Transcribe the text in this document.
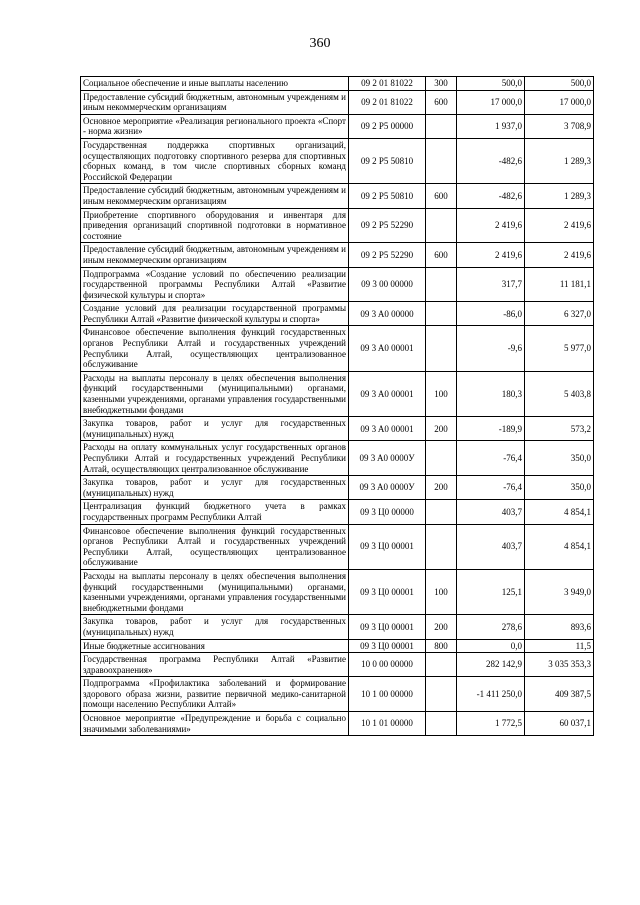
360
Социальное обеспечение и иные выплаты населению	09 2 01 81022	300	500,0	500,0
Предоставление субсидий бюджетным, автономным учреждениям и иным некоммерческим организациям	09 2 01 81022	600	17 000,0	17 000,0
Основное мероприятие «Реализация регионального проекта «Спорт - норма жизни»	09 2 P5 00000		1 937,0	3 708,9
Государственная поддержка спортивных организаций, осуществляющих подготовку спортивного резерва для спортивных сборных команд, в том числе спортивных сборных команд Российской Федерации	09 2 P5 50810		-482,6	1 289,3
Предоставление субсидий бюджетным, автономным учреждениям и иным некоммерческим организациям	09 2 P5 50810	600	-482,6	1 289,3
Приобретение спортивного оборудования и инвентаря для приведения организаций спортивной подготовки в нормативное состояние	09 2 P5 52290		2 419,6	2 419,6
Предоставление субсидий бюджетным, автономным учреждениям и иным некоммерческим организациям	09 2 P5 52290	600	2 419,6	2 419,6
Подпрограмма «Создание условий по обеспечению реализации государственной программы Республики Алтай «Развитие физической культуры и спорта»	09 3 00 00000		317,7	11 181,1
Создание условий для реализации государственной программы Республики Алтай «Развитие физической культуры и спорта»	09 3 A0 00000		-86,0	6 327,0
Финансовое обеспечение выполнения функций государственных органов Республики Алтай и государственных учреждений Республики Алтай, осуществляющих централизованное обслуживание	09 3 A0 00001		-9,6	5 977,0
Расходы на выплаты персоналу в целях обеспечения выполнения функций государственными (муниципальными) органами, казенными учреждениями, органами управления государственными внебюджетными фондами	09 3 A0 00001	100	180,3	5 403,8
Закупка товаров, работ и услуг для государственных (муниципальных) нужд	09 3 A0 00001	200	-189,9	573,2
Расходы на оплату коммунальных услуг государственных органов Республики Алтай и государственных учреждений Республики Алтай, осуществляющих централизованное обслуживание	09 3 A0 0000У		-76,4	350,0
Закупка товаров, работ и услуг для государственных (муниципальных) нужд	09 3 A0 0000У	200	-76,4	350,0
Централизация функций бюджетного учета в рамках государственных программ Республики Алтай	09 3 Ц0 00000		403,7	4 854,1
Финансовое обеспечение выполнения функций государственных органов Республики Алтай и государственных учреждений Республики Алтай, осуществляющих централизованное обслуживание	09 3 Ц0 00001		403,7	4 854,1
Расходы на выплаты персоналу в целях обеспечения выполнения функций государственными (муниципальными) органами, казенными учреждениями, органами управления государственными внебюджетными фондами	09 3 Ц0 00001	100	125,1	3 949,0
Закупка товаров, работ и услуг для государственных (муниципальных) нужд	09 3 Ц0 00001	200	278,6	893,6
Иные бюджетные ассигнования	09 3 Ц0 00001	800	0,0	11,5
Государственная программа Республики Алтай «Развитие здравоохранения»	10 0 00 00000		282 142,9	3 035 353,3
Подпрограмма «Профилактика заболеваний и формирование здорового образа жизни, развитие первичной медико-санитарной помощи населению Республики Алтай»	10 1 00 00000		-1 411 250,0	409 387,5
Основное мероприятие «Предупреждение и борьба с социально значимыми заболеваниями»	10 1 01 00000		1 772,5	60 037,1
